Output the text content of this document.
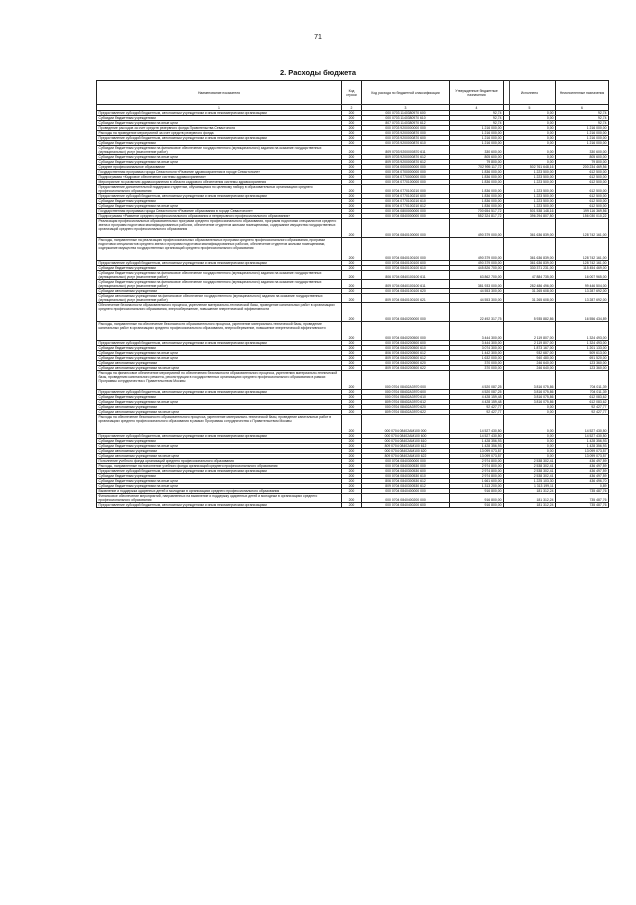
71
2. Расходы бюджета
Наименование показателя	Код строки	Код расхода по бюджетной классификации	Утвержденные бюджетные назначения	Исполнено	Неисполненные назначения
1	2	3	4	5	6
Предоставление субсидий бюджетным, автономным учреждениям и иным некоммерческим организациям	200	000 0703 1140380970 600	92,74	0,00	92,74
Субсидии бюджетным учреждениям	200	000 0703 1140380970 610	92,74	0,00	92,74
Субсидии бюджетным учреждениям на иные цели	200	807 0703 1140380970 612	92,74	0,00	92,74
Проведение расходов за счет средств резервного фонда Правительства Севастополя	200	000 0703 9200000000 000	1 216 000,00	0,00	1 216 000,00
Расходы на проведение мероприятий за счет средств резервного фонда	200	000 0703 9200000870 000	1 216 000,00	0,00	1 216 000,00
Предоставление субсидий бюджетным, автономным учреждениям и иным некоммерческим организациям	200	000 0703 9200000870 600	1 216 000,00	0,00	1 216 000,00
Субсидии бюджетным учреждениям	200	000 0703 9200000870 610	1 216 000,00	0,00	1 216 000,00
Субсидии бюджетным учреждениям на финансовое обеспечение государственного (муниципального) задания на оказание государственных (муниципальных) услуг (выполнение работ)	200	809 0703 9200000870 611	330 600,00	0,00	330 600,00
Субсидии бюджетным учреждениям на иные цели	200	809 0703 9200000870 612	805 600,00	0,00	805 600,00
Субсидии бюджетным учреждениям на иные цели	200	809 0703 9200000870 612	79 800,00	0,00	79 800,00
Среднее профессиональное образование	200	000 0704 0000000000 000	702 995 117,72	502 761 648,16	200 234 469,56
Государственная программа города Севастополя «Развитие здравоохранения в городе Севастополе»	200	000 0704 0700000000 000	1 836 000,00	1 223 500,00	612 500,00
Подпрограмма «Кадровое обеспечение системы здравоохранения»	200	000 0704 0770000000 000	1 836 000,00	1 223 500,00	612 500,00
Мероприятие по развитию здравоохранения в области кадрового обеспечения системы здравоохранения	200	000 0704 0770100000 000	1 836 000,00	1 223 500,00	612 500,00
Предоставление дополнительной поддержки студентам, обучающимся по целевому набору в образовательных организациях среднего профессионального образования	200	000 0704 0770100210 000	1 836 000,00	1 223 500,00	612 500,00
Предоставление субсидий бюджетным, автономным учреждениям и иным некоммерческим организациям	200	000 0704 0770100210 600	1 836 000,00	1 223 500,00	612 500,00
Субсидии бюджетным учреждениям	200	000 0704 0770100210 610	1 836 000,00	1 223 500,00	612 500,00
Субсидии бюджетным учреждениям на иные цели	200	806 0704 0770100210 612	1 836 000,00	1 223 500,00	612 500,00
Государственная программа города Севастополя «Развитие образования в городе Севастополе»	200	000 0704 0800000000 000	700 654 517,72	501 538 148,16	199 116 369,56
Подпрограмма «Развитие среднего профессионального образования и непрерывного профессионального образования»	200	000 0704 0840000000 000	552 324 817,72	396 294 807,50	156 030 010,22
Реализация профессиональных образовательных программ среднего профессионального образования, программ подготовки специалистов среднего звена и программ подготовки квалифицированных рабочих, обеспечение студентов жилыми помещениями, содержание имущества государственных организаций среднего профессионального образования	200	000 0704 0840100000 000	490 379 000,00	361 636 839,00	128 742 161,00
Расходы, направленные на реализацию профессиональных образовательных программ среднего профессионального образования, программ подготовки специалистов среднего звена и программ подготовки квалифицированных рабочих, обеспечение студентов жилыми помещениями, содержание имущества государственных организаций среднего профессионального образования	200	000 0704 0840100100 000	490 379 000,00	361 636 839,00	128 742 161,00
Предоставление субсидий бюджетным, автономным учреждениям и иным некоммерческим организациям	200	000 0704 0840100100 600	490 379 000,00	361 636 839,00	128 742 161,00
Субсидии бюджетным учреждениям	200	000 0704 0840100100 610	445 826 700,00	330 371 231,00	115 454 469,00
Субсидии бюджетным учреждениям на финансовое обеспечение государственного (муниципального) задания на оказание государственных (муниципальных) услуг (выполнение работ)	200	806 0704 0840100100 611	63 862 700,00	47 884 735,00	16 007 965,00
Субсидии бюджетным учреждениям на финансовое обеспечение государственного (муниципального) задания на оказание государственных (муниципальных) услуг (выполнение работ)	200	809 0704 0840100100 611	381 933 000,00	282 486 496,00	99 446 504,00
Субсидии автономным учреждениям	200	000 0704 0840100100 620	44 553 300,00	31 265 608,00	13 287 692,00
Субсидии автономным учреждениям на финансовое обеспечение государственного (муниципального) задания на оказание государственных (муниципальных) услуг (выполнение работ)	200	809 0704 0840100100 621	44 553 300,00	31 265 608,00	13 287 692,00
Обеспечение безопасности образовательного процесса, укрепление материально-технической базы, проведение капитальных работ в организациях среднего профессионального образования, энергосбережение, повышение энергетической эффективности	200	000 0704 0840200000 000	22 492 317,75	5 935 882,86	16 556 434,89
Расходы, направленные на обеспечение безопасности образовательного процесса, укрепление материально-технической базы, проведение капитальных работ в организациях среднего профессионального образования, энергосбережение, повышение энергетической эффективности	200	000 0704 0840200500 000	3 444 300,00	2 119 807,00	1 324 493,00
Предоставление субсидий бюджетным, автономным учреждениям и иным некоммерческим организациям	200	000 0704 0840200500 600	3 444 300,00	2 119 807,00	1 324 493,00
Субсидии бюджетным учреждениям	200	000 0704 0840200500 610	3 074 300,00	1 873 167,00	1 201 133,00
Субсидии бюджетным учреждениям на иные цели	200	806 0704 0840200500 612	1 442 300,00	932 687,00	509 613,00
Субсидии бюджетным учреждениям на иные цели	200	809 0704 0840200500 612	1 632 000,00	940 480,00	691 520,00
Субсидии автономным учреждениям	200	000 0704 0840200500 620	370 000,00	246 640,00	123 360,00
Субсидии автономным учреждениям на иные цели	200	809 0704 0840200500 622	370 000,00	246 640,00	123 360,00
Расходы на финансовое обеспечение мероприятий по обеспечению безопасности образовательного процесса, укреплению материально-технической базы, проведению капитального ремонта, реконструкции в государственных организациях среднего профессионального образования в рамках Программы сотрудничества с Правительством Москвы	200	000 0704 08402А3970 000	4 520 087,25	3 816 075,86	704 011,39
Предоставление субсидий бюджетным, автономным учреждениям и иным некоммерческим организациям	200	000 0704 08402А3970 600	4 520 087,25	3 816 075,86	704 011,39
Субсидии бюджетным учреждениям	200	000 0704 08402А3970 610	4 428 159,48	3 816 075,86	612 083,62
Субсидии бюджетным учреждениям на иные цели	200	809 0704 08402А3970 612	4 428 159,48	3 816 075,86	612 083,62
Субсидии автономным учреждениям	200	000 0704 08402А3970 620	92 427,77	0,00	92 427,77
Субсидии автономным учреждениям на иные цели	200	809 0704 08402А3970 622	92 427,77	0,00	92 427,77
Расходы на обеспечение безопасности образовательного процесса, укрепление материально-технической базы, проведение капитальных работ в организациях среднего профессионального образования в рамках Программы сотрудничества с Правительством Москвы	200	000 0704 08402АМ100 000	14 527 430,50	0,00	14 527 430,50
Предоставление субсидий бюджетным, автономным учреждениям и иным некоммерческим организациям	200	000 0704 08402АМ100 600	14 527 430,50	0,00	14 527 430,50
Субсидии бюджетным учреждениям	200	000 0704 08402АМ100 610	1 428 356,93	0,00	1 428 356,93
Субсидии бюджетным учреждениям на иные цели	200	809 0704 08402АМ100 612	1 428 356,93	0,00	1 428 356,93
Субсидии автономным учреждениям	200	000 0704 08402АМ100 620	13 099 073,57	0,00	13 099 073,57
Субсидии автономным учреждениям на иные цели	200	809 0704 08402АМ100 622	13 099 073,57	0,00	13 099 073,57
Пополнение учебного фонда организаций среднего профессионального образования	200	000 0704 0840300000 000	2 974 800,00	2 538 302,41	436 497,59
Расходы, направленные на пополнение учебного фонда организаций среднего профессионального образования	200	000 0704 0840300530 000	2 974 800,00	2 538 302,41	436 497,59
Предоставление субсидий бюджетным, автономным учреждениям и иным некоммерческим организациям	200	000 0704 0840300530 600	2 974 800,00	2 538 302,41	436 497,59
Субсидии бюджетным учреждениям	200	000 0704 0840300530 610	2 974 800,00	2 538 302,41	436 497,59
Субсидии бюджетным учреждениям на иные цели	200	806 0704 0840300530 612	1 661 600,00	1 225 103,30	436 496,70
Субсидии бюджетным учреждениям на иные цели	200	809 0704 0840300530 612	1 313 200,00	1 313 199,11	0,89
Выявление и поддержка одаренных детей и молодежи в организациях среднего профессионального образования	200	000 0704 0840400000 000	916 800,00	181 312,24	735 487,76
Финансовое обеспечение мероприятий, направленных на выявление и поддержку одаренных детей и молодежи в организациях среднего профессионального образования	200	000 0704 0840400200 000	916 800,00	181 312,24	735 487,76
Предоставление субсидий бюджетным, автономным учреждениям и иным некоммерческим организациям	200	000 0704 0840400200 600	916 800,00	181 312,24	735 487,76
